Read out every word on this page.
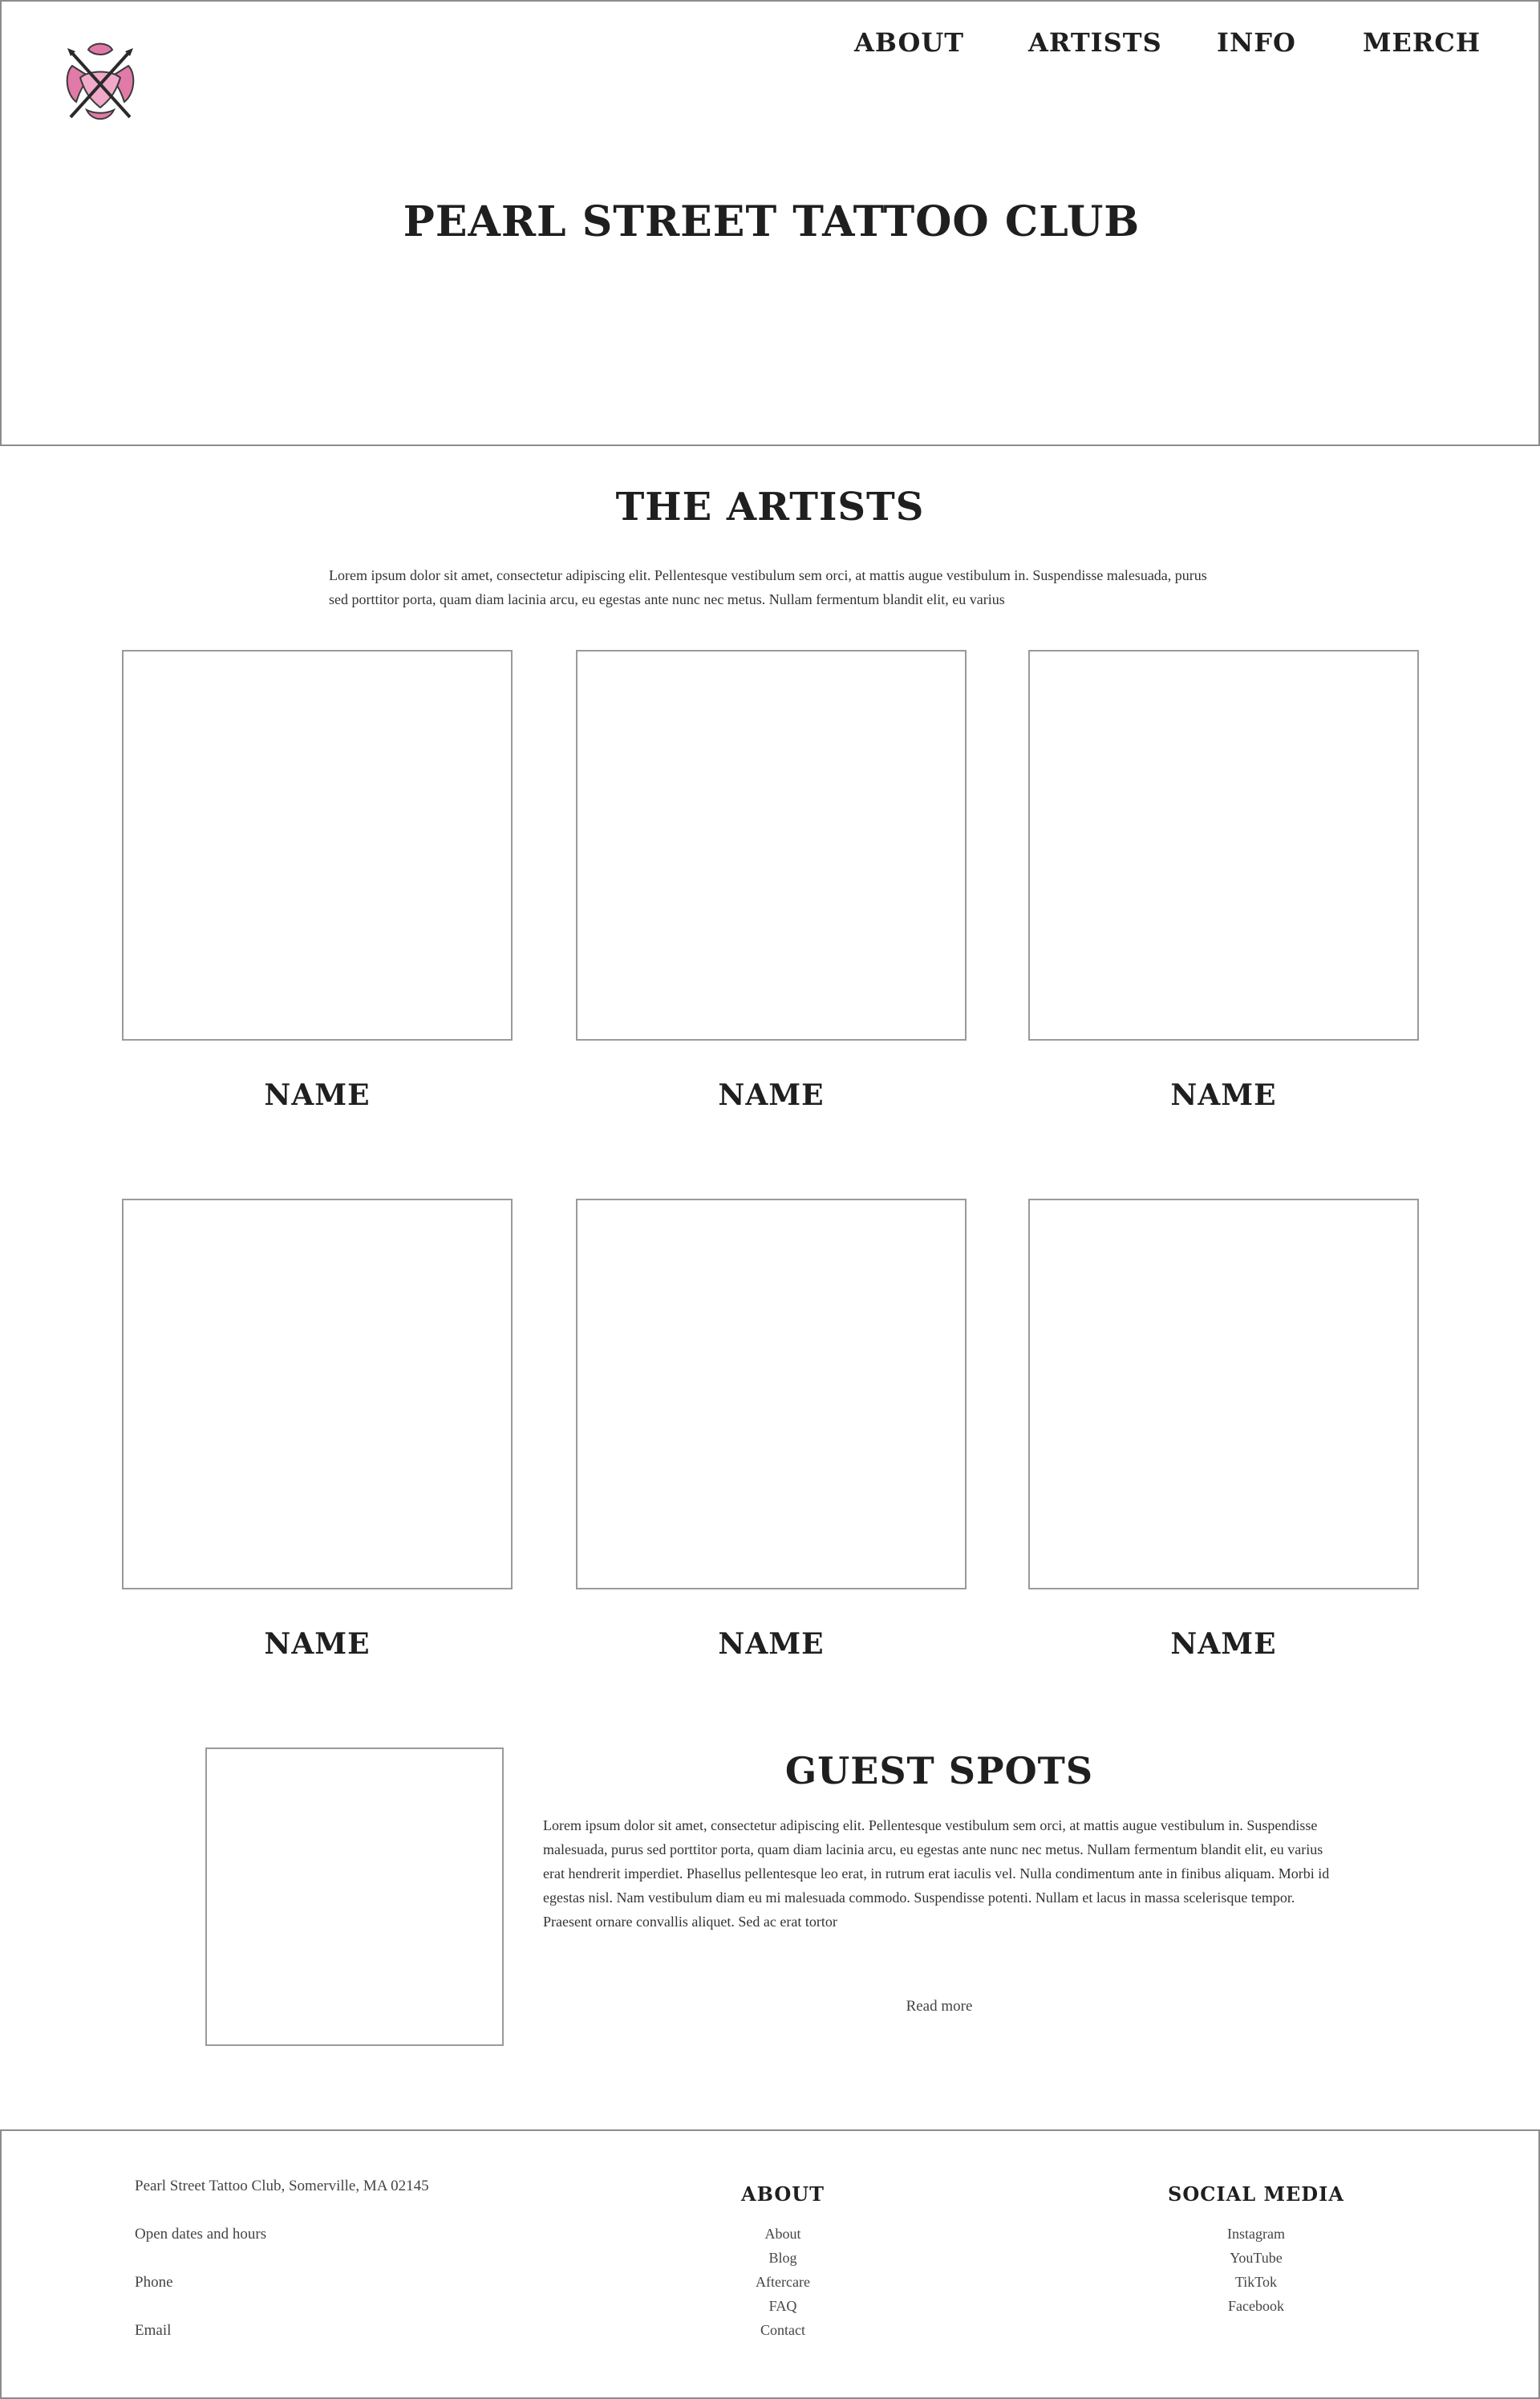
ABOUT ARTISTS INFO	MERCH
PEARL STREET TATTOO CLUB
THE ARTISTS

Lorem ipsum dolor sit amet, consectetur adipiscing elit. Pellentesque vestibulum sem orci, at mattis augue vestibulum in. Suspendisse malesuada, purus sed porttitor porta, quam diam lacinia arcu, eu egestas ante nunc nec metus. Nullam fermentum blandit elit, eu varius

NAME	NAME	NAME
NAME	NAME	NAME
GUEST SPOTS

Lorem ipsum dolor sit amet, consectetur adipiscing elit. Pellentesque vestibulum sem orci, at mattis augue vestibulum in. Suspendisse malesuada, purus sed porttitor porta, quam diam lacinia arcu, eu egestas ante nunc nec metus. Nullam fermentum blandit elit, eu varius erat hendrerit imperdiet. Phasellus pellentesque leo erat, in rutrum erat iaculis vel. Nulla condimentum ante in finibus aliquam. Morbi id egestas nisl. Nam vestibulum diam eu mi malesuada commodo. Suspendisse potenti. Nullam et lacus in massa scelerisque tempor. Praesent ornare convallis aliquet. Sed ac erat tortor

Read more
Pearl Street Tattoo Club, Somerville, MA 02145
Open dates and hours
Phone
Email
ABOUT
About
Blog
Aftercare
FAQ
Contact
SOCIAL MEDIA
Instagram
YouTube
TikTok
Facebook
